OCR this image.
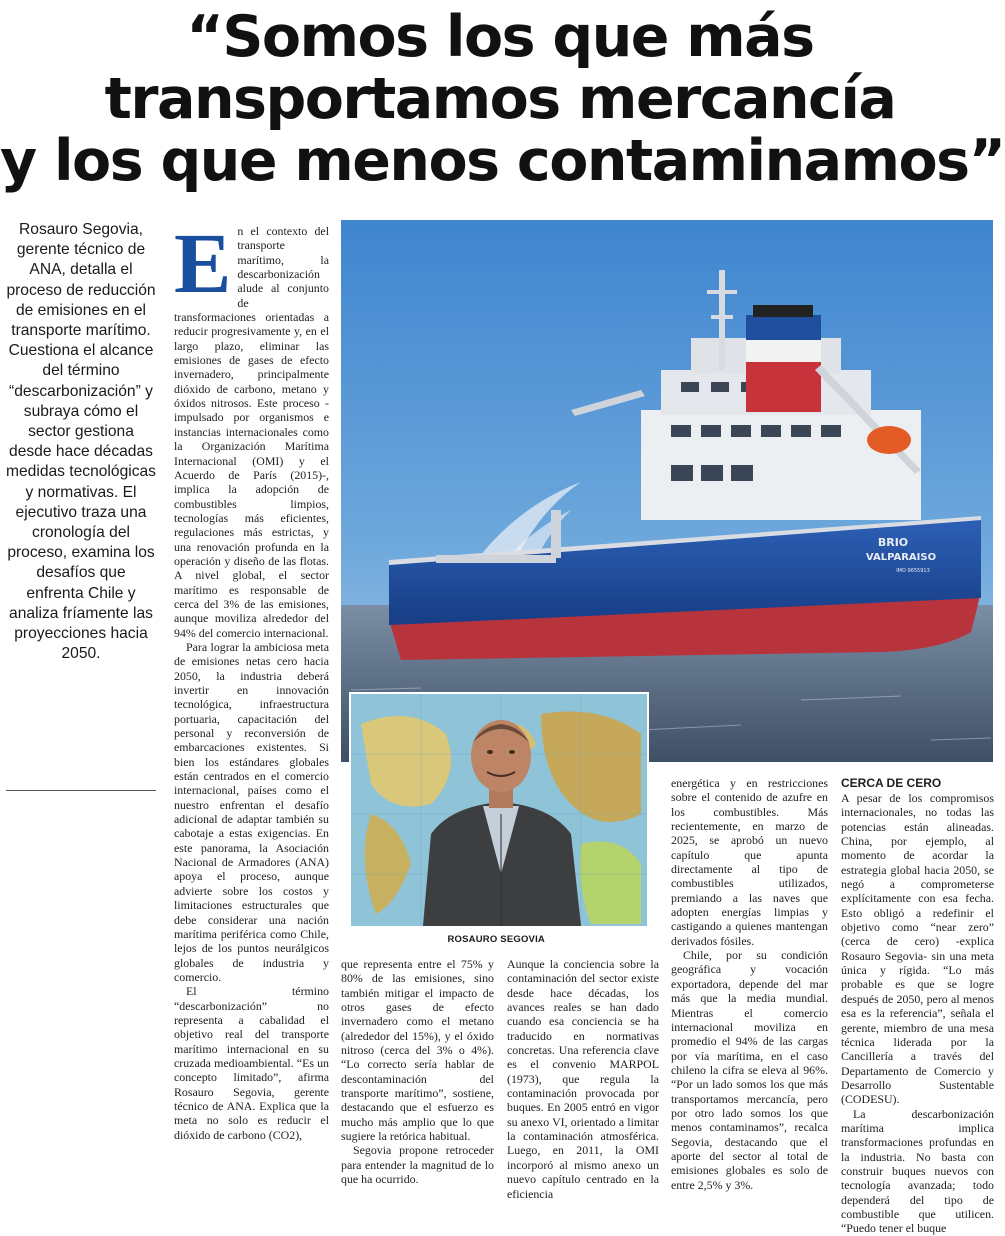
“Somos los que más
transportamos mercancía
y los que menos contaminamos”
Rosauro Segovia, gerente técnico de ANA, detalla el proceso de reducción de emisiones en el transporte marítimo. Cuestiona el alcance del término “descarbonización” y subraya cómo el sector gestiona desde hace décadas medidas tecnológicas y normativas. El ejecutivo traza una cronología del proceso, examina los desafíos que enfrenta Chile y analiza fríamente las proyecciones hacia 2050.

En el contexto del transporte marítimo, la descarbonización alude al conjunto de transformaciones orientadas a reducir progresivamente y, en el largo plazo, eliminar las emisiones de gases de efecto invernadero, principalmente dióxido de carbono, metano y óxidos nitrosos. Este proceso -impulsado por organismos e instancias internacionales como la Organización Marítima Internacional (OMI) y el Acuerdo de París (2015)-, implica la adopción de combustibles limpios, tecnologías más eficientes, regulaciones más estrictas, y una renovación profunda en la operación y diseño de las flotas. A nivel global, el sector marítimo es responsable de cerca del 3% de las emisiones, aunque moviliza alrededor del 94% del comercio internacional.

Para lograr la ambiciosa meta de emisiones netas cero hacia 2050, la industria deberá invertir en innovación tecnológica, infraestructura portuaria, capacitación del personal y reconversión de embarcaciones existentes. Si bien los estándares globales están centrados en el comercio internacional, países como el nuestro enfrentan el desafío adicional de adaptar también su cabotaje a estas exigencias. En este panorama, la Asociación Nacional de Armadores (ANA) apoya el proceso, aunque advierte sobre los costos y limitaciones estructurales que debe considerar una nación marítima periférica como Chile, lejos de los puntos neurálgicos globales de industria y comercio.

El término “descarbonización” no representa a cabalidad el objetivo real del transporte marítimo internacional en su cruzada medioambiental. “Es un concepto limitado”, afirma Rosauro Segovia, gerente técnico de ANA. Explica que la meta no solo es reducir el dióxido de carbono (CO2),

BRIO
VALPARAISO
IMO 9655913
ROSAURO SEGOVIA

que representa entre el 75% y 80% de las emisiones, sino también mitigar el impacto de otros gases de efecto invernadero como el metano (alrededor del 15%), y el óxido nitroso (cerca del 3% o 4%). “Lo correcto sería hablar de descontaminación del transporte marítimo”, sostiene, destacando que el esfuerzo es mucho más amplio que lo que sugiere la retórica habitual.

Segovia propone retroceder para entender la magnitud de lo que ha ocurrido.

Aunque la conciencia sobre la contaminación del sector existe desde hace décadas, los avances reales se han dado cuando esa conciencia se ha traducido en normativas concretas. Una referencia clave es el convenio MARPOL (1973), que regula la contaminación provocada por buques. En 2005 entró en vigor su anexo VI, orientado a limitar la contaminación atmosférica. Luego, en 2011, la OMI incorporó al mismo anexo un nuevo capítulo centrado en la eficiencia

energética y en restricciones sobre el contenido de azufre en los combustibles. Más recientemente, en marzo de 2025, se aprobó un nuevo capítulo que apunta directamente al tipo de combustibles utilizados, premiando a las naves que adopten energías limpias y castigando a quienes mantengan derivados fósiles.

Chile, por su condición geográfica y vocación exportadora, depende del mar más que la media mundial. Mientras el comercio internacional moviliza en promedio el 94% de las cargas por vía marítima, en el caso chileno la cifra se eleva al 96%. “Por un lado somos los que más transportamos mercancía, pero por otro lado somos los que menos contaminamos”, recalca Segovia, destacando que el aporte del sector al total de emisiones globales es solo de entre 2,5% y 3%.

CERCA DE CERO

A pesar de los compromisos internacionales, no todas las potencias están alineadas. China, por ejemplo, al momento de acordar la estrategia global hacia 2050, se negó a comprometerse explícitamente con esa fecha. Esto obligó a redefinir el objetivo como “near zero” (cerca de cero) -explica Rosauro Segovia- sin una meta única y rígida. “Lo más probable es que se logre después de 2050, pero al menos esa es la referencia”, señala el gerente, miembro de una mesa técnica liderada por la Cancillería a través del Departamento de Comercio y Desarrollo Sustentable (CODESU).

La descarbonización marítima implica transformaciones profundas en la industria. No basta con construir buques nuevos con tecnología avanzada; todo dependerá del tipo de combustible que utilicen. “Puedo tener el buque
